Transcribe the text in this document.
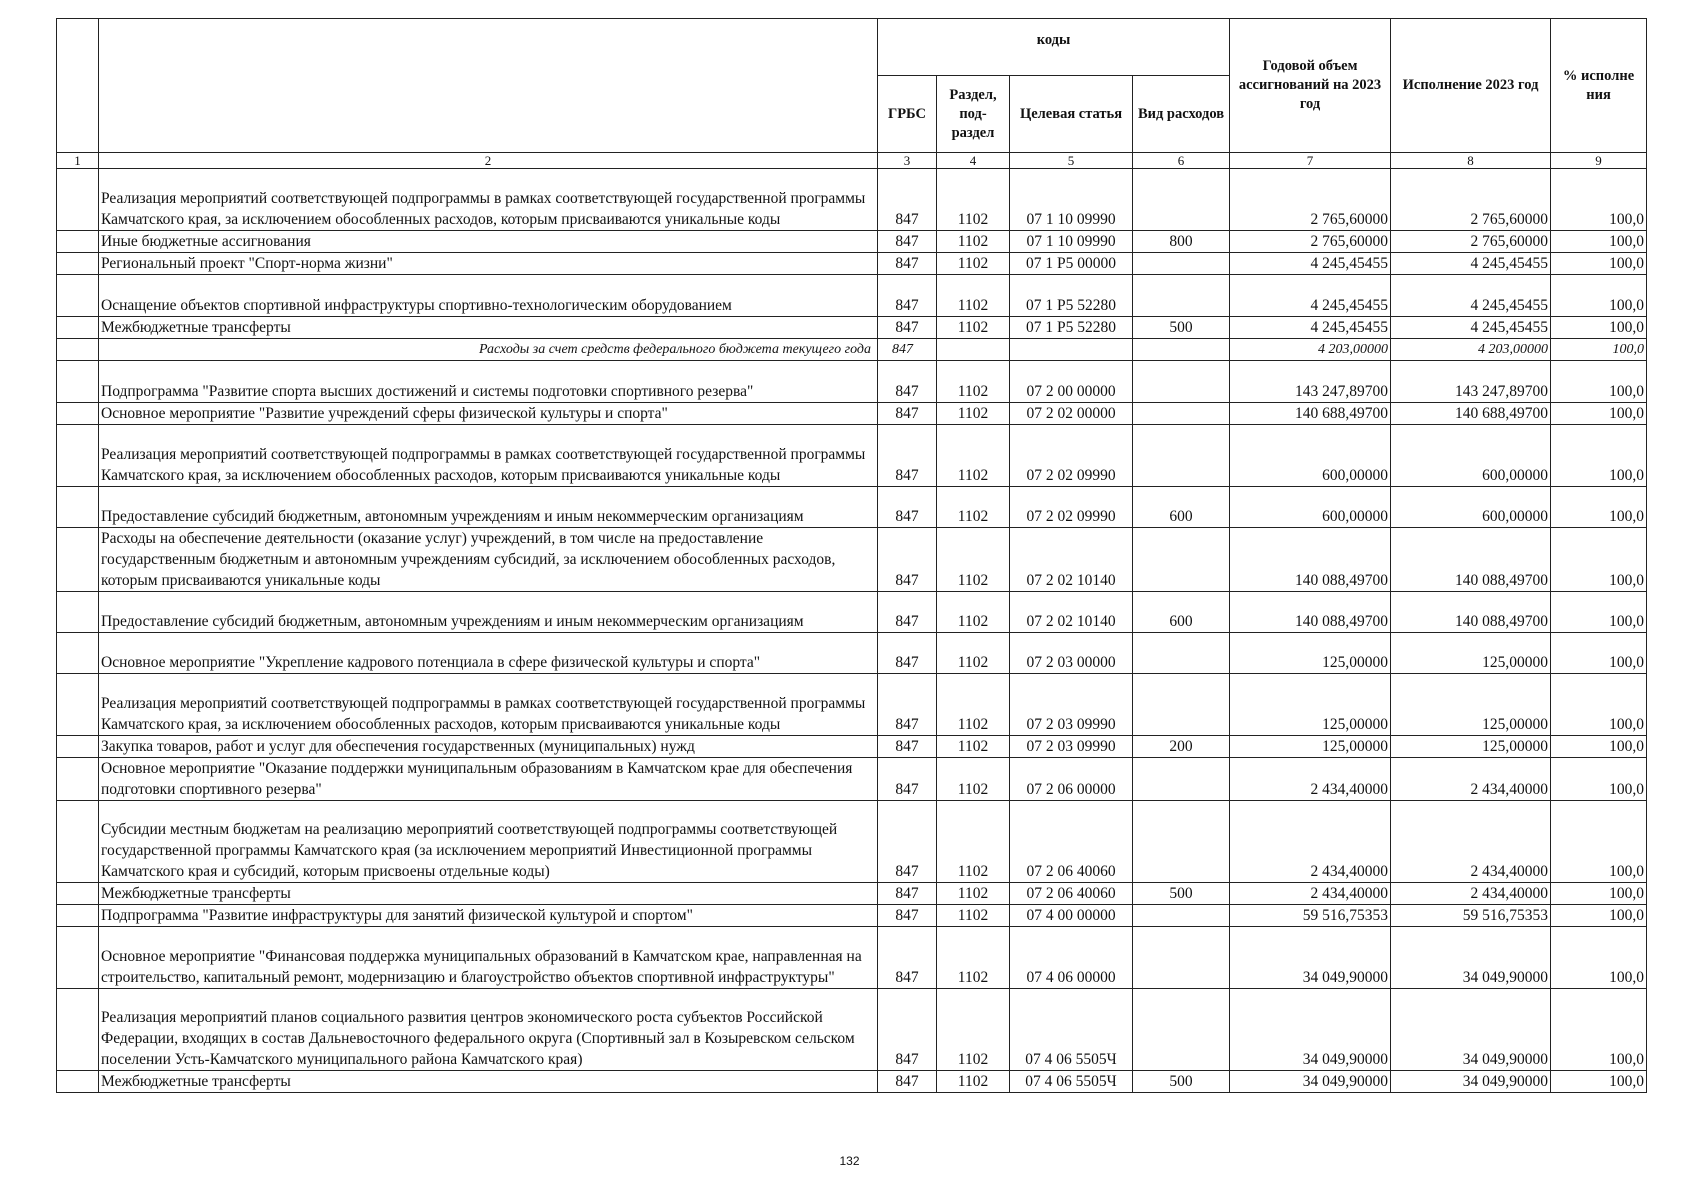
		коды				Годовой объем ассигнований на 2023 год	Исполнение 2023 год	% исполне ния
		ГРБС	Раздел, под-раздел	Целевая статья	Вид расходов			
1	2	3	4	5	6	7	8	9
	Реализация мероприятий соответствующей подпрограммы в рамках соответствующей государственной программы Камчатского края, за исключением обособленных расходов, которым присваиваются уникальные коды	847	1102	07 1 10 09990		2 765,60000	2 765,60000	100,0
	Иные бюджетные ассигнования	847	1102	07 1 10 09990	800	2 765,60000	2 765,60000	100,0
	Региональный проект "Спорт-норма жизни"	847	1102	07 1 Р5 00000		4 245,45455	4 245,45455	100,0
	Оснащение объектов спортивной инфраструктуры спортивно-технологическим оборудованием	847	1102	07 1 Р5 52280		4 245,45455	4 245,45455	100,0
	Межбюджетные трансферты	847	1102	07 1 Р5 52280	500	4 245,45455	4 245,45455	100,0
	Расходы за счет средств федерального бюджета текущего года	847				4 203,00000	4 203,00000	100,0
	Подпрограмма "Развитие спорта высших достижений и системы подготовки спортивного резерва"	847	1102	07 2 00 00000		143 247,89700	143 247,89700	100,0
	Основное мероприятие "Развитие учреждений сферы физической культуры и спорта"	847	1102	07 2 02 00000		140 688,49700	140 688,49700	100,0
	Реализация мероприятий соответствующей подпрограммы в рамках соответствующей государственной программы Камчатского края, за исключением обособленных расходов, которым присваиваются уникальные коды	847	1102	07 2 02 09990		600,00000	600,00000	100,0
	Предоставление субсидий бюджетным, автономным учреждениям и иным некоммерческим организациям	847	1102	07 2 02 09990	600	600,00000	600,00000	100,0
	Расходы на обеспечение деятельности (оказание услуг) учреждений, в том числе на предоставление государственным бюджетным и автономным учреждениям субсидий, за исключением обособленных расходов, которым присваиваются уникальные коды	847	1102	07 2 02 10140		140 088,49700	140 088,49700	100,0
	Предоставление субсидий бюджетным, автономным учреждениям и иным некоммерческим организациям	847	1102	07 2 02 10140	600	140 088,49700	140 088,49700	100,0
	Основное мероприятие "Укрепление кадрового потенциала в сфере физической культуры и спорта"	847	1102	07 2 03 00000		125,00000	125,00000	100,0
	Реализация мероприятий соответствующей подпрограммы в рамках соответствующей государственной программы Камчатского края, за исключением обособленных расходов, которым присваиваются уникальные коды	847	1102	07 2 03 09990		125,00000	125,00000	100,0
	Закупка товаров, работ и услуг для обеспечения государственных (муниципальных) нужд	847	1102	07 2 03 09990	200	125,00000	125,00000	100,0
	Основное мероприятие "Оказание поддержки муниципальным образованиям в Камчатском крае для обеспечения подготовки спортивного резерва"	847	1102	07 2 06 00000		2 434,40000	2 434,40000	100,0
	Субсидии местным бюджетам на реализацию мероприятий соответствующей подпрограммы соответствующей государственной программы Камчатского края (за исключением мероприятий Инвестиционной программы Камчатского края и субсидий, которым присвоены отдельные коды)	847	1102	07 2 06 40060		2 434,40000	2 434,40000	100,0
	Межбюджетные трансферты	847	1102	07 2 06 40060	500	2 434,40000	2 434,40000	100,0
	Подпрограмма "Развитие инфраструктуры для занятий физической культурой и спортом"	847	1102	07 4 00 00000		59 516,75353	59 516,75353	100,0
	Основное мероприятие "Финансовая поддержка муниципальных образований в Камчатском крае, направленная на строительство, капитальный ремонт, модернизацию и благоустройство объектов спортивной инфраструктуры"	847	1102	07 4 06 00000		34 049,90000	34 049,90000	100,0
	Реализация мероприятий планов социального развития центров экономического роста субъектов Российской Федерации, входящих в состав Дальневосточного федерального округа (Спортивный зал в Козыревском сельском поселении Усть-Камчатского муниципального района Камчатского края)	847	1102	07 4 06 5505Ч		34 049,90000	34 049,90000	100,0
	Межбюджетные трансферты	847	1102	07 4 06 5505Ч	500	34 049,90000	34 049,90000	100,0
132
